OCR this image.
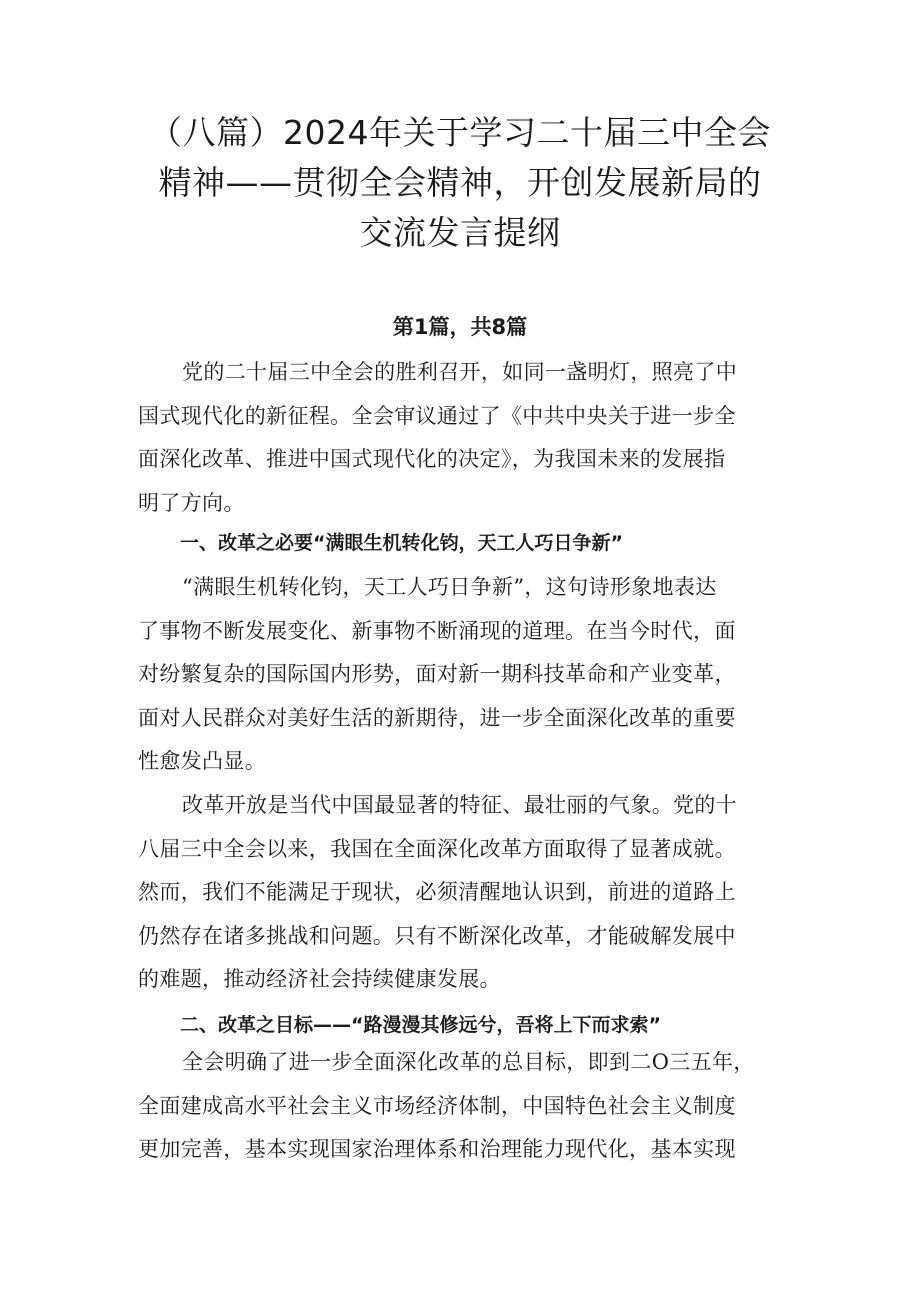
（八篇）2024年关于学习二十届三中全会
精神——贯彻全会精神，开创发展新局的
交流发言提纲
第1篇，共8篇

党的二十届三中全会的胜利召开，如同一盏明灯，照亮了中
国式现代化的新征程。全会审议通过了《中共中央关于进一步全
面深化改革、推进中国式现代化的决定》，为我国未来的发展指
明了方向。

一、改革之必要“满眼生机转化钧，天工人巧日争新”

“满眼生机转化钧，天工人巧日争新”，这句诗形象地表达
了事物不断发展变化、新事物不断涌现的道理。在当今时代，面
对纷繁复杂的国际国内形势，面对新一期科技革命和产业变革，
面对人民群众对美好生活的新期待，进一步全面深化改革的重要
性愈发凸显。

改革开放是当代中国最显著的特征、最壮丽的气象。党的十
八届三中全会以来，我国在全面深化改革方面取得了显著成就。
然而，我们不能满足于现状，必须清醒地认识到，前进的道路上
仍然存在诸多挑战和问题。只有不断深化改革，才能破解发展中
的难题，推动经济社会持续健康发展。

二、改革之目标——“路漫漫其修远兮，吾将上下而求索”

全会明确了进一步全面深化改革的总目标，即到二O三五年，
全面建成高水平社会主义市场经济体制，中国特色社会主义制度
更加完善，基本实现国家治理体系和治理能力现代化，基本实现
